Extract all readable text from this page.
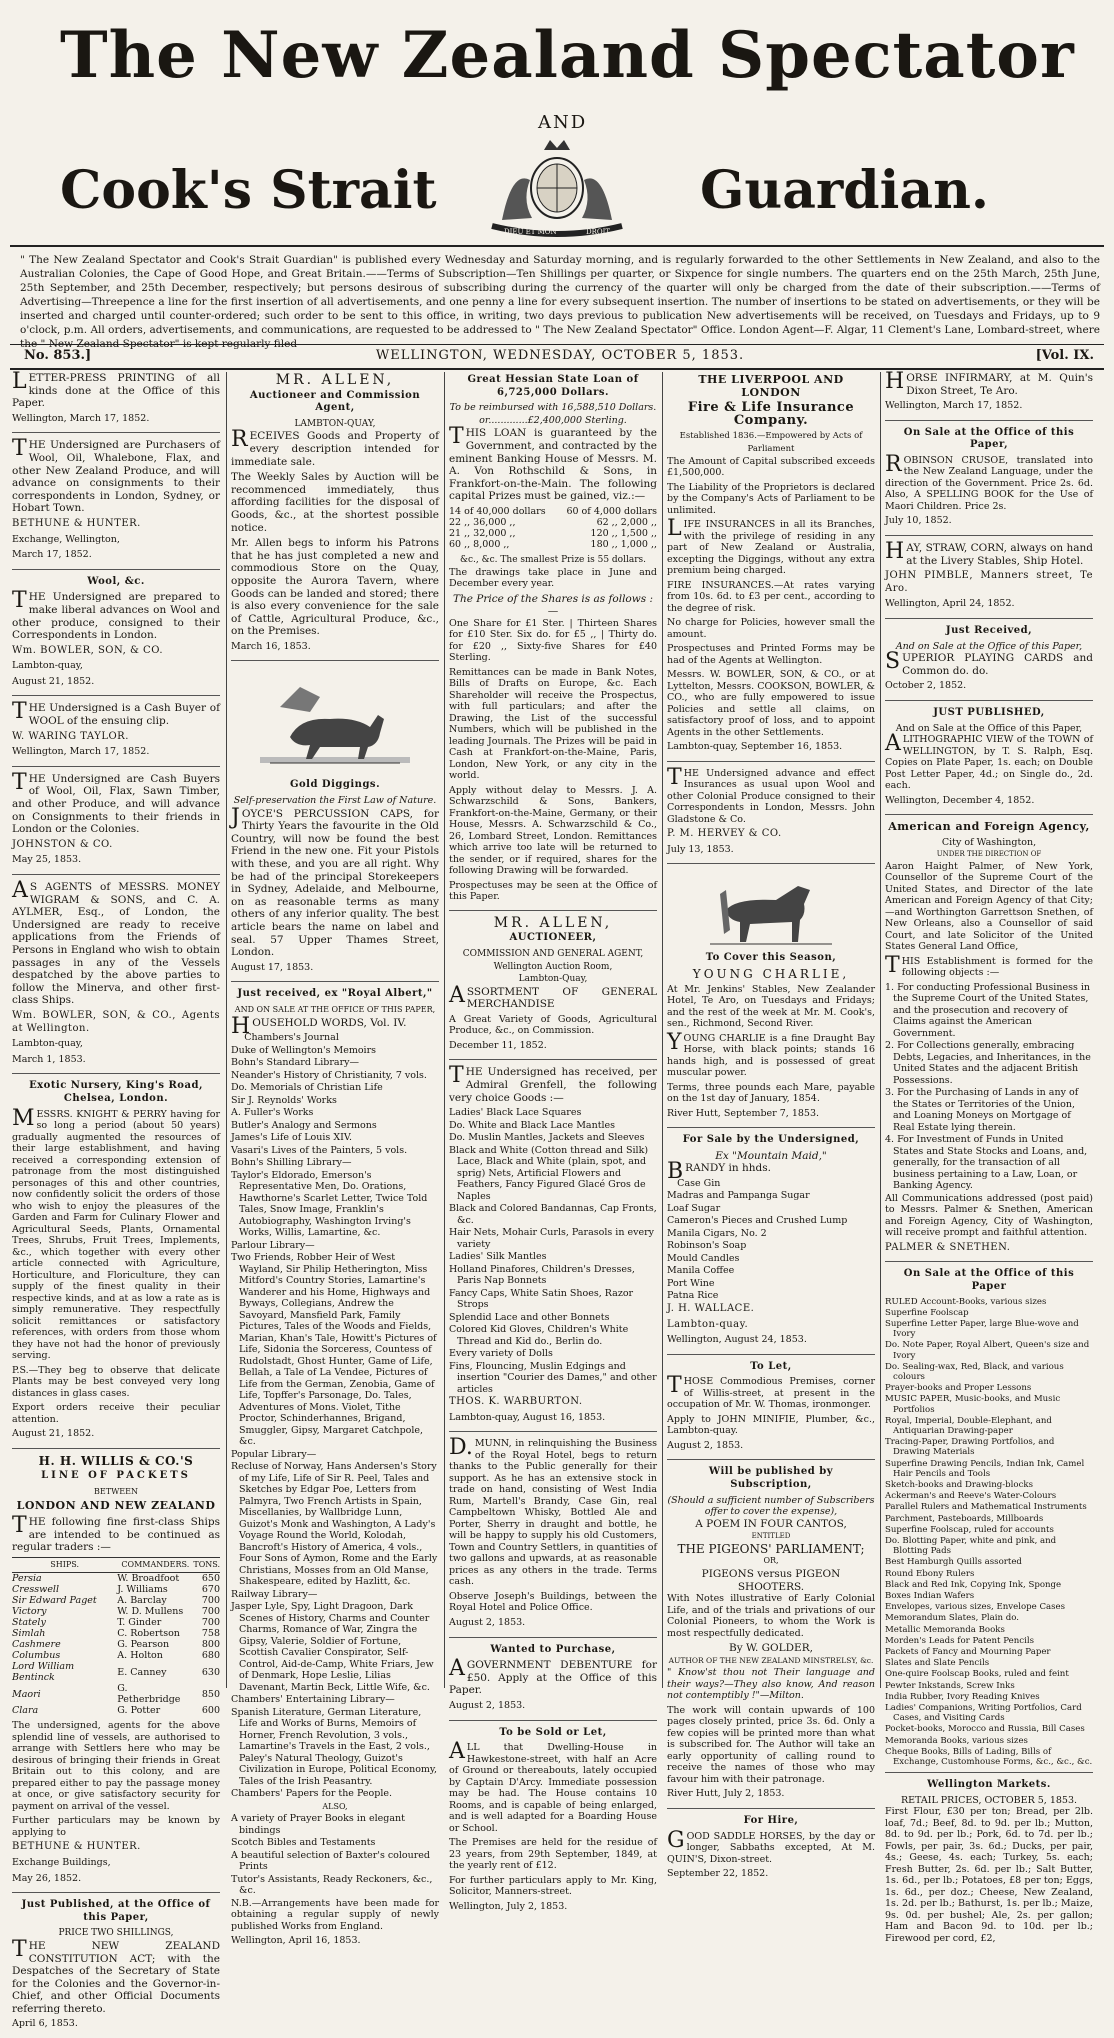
The New Zealand Spectator
AND
Cook's Strait	Guardian.
DIEU ET MON	DROIT
" The New Zealand Spectator and Cook's Strait Guardian" is published every Wednesday and Saturday morning, and is regularly forwarded to the other Settlements in New Zealand, and also to the Australian Colonies, the Cape of Good Hope, and Great Britain.——Terms of Subscription—Ten Shillings per quarter, or Sixpence for single numbers. The quarters end on the 25th March, 25th June, 25th September, and 25th December, respectively; but persons desirous of subscribing during the currency of the quarter will only be charged from the date of their subscription.——Terms of Advertising—Threepence a line for the first insertion of all advertisements, and one penny a line for every subsequent insertion. The number of insertions to be stated on advertisements, or they will be inserted and charged until counter-ordered; such order to be sent to this office, in writing, two days previous to publication New advertisements will be received, on Tuesdays and Fridays, up to 9 o'clock, p.m. All orders, advertisements, and communications, are requested to be addressed to " The New Zealand Spectator" Office. London Agent—F. Algar, 11 Clement's Lane, Lombard-street, where the " New Zealand Spectator" is kept regularly filed
No. 853.]	WELLINGTON, WEDNESDAY, OCTOBER 5, 1853.	[Vol. IX.

LETTER-PRESS PRINTING of all kinds done at the Office of this Paper.

Wellington, March 17, 1852.

THE Undersigned are Purchasers of Wool, Oil, Whalebone, Flax, and other New Zealand Produce, and will advance on consignments to their correspondents in London, Sydney, or Hobart Town.

BETHUNE & HUNTER.

Exchange, Wellington,

March 17, 1852.

Wool, &c.

THE Undersigned are prepared to make liberal advances on Wool and other produce, consigned to their Correspondents in London.

Wm. BOWLER, SON, & CO.

Lambton-quay,

August 21, 1852.

THE Undersigned is a Cash Buyer of WOOL of the ensuing clip.

W. WARING TAYLOR.

Wellington, March 17, 1852.

THE Undersigned are Cash Buyers of Wool, Oil, Flax, Sawn Timber, and other Produce, and will advance on Consignments to their friends in London or the Colonies.

JOHNSTON & CO.

May 25, 1853.

AS AGENTS of MESSRS. MONEY WIGRAM & SONS, and C. A. AYLMER, Esq., of London, the Undersigned are ready to receive applications from the Friends of Persons in England who wish to obtain passages in any of the Vessels despatched by the above parties to follow the Minerva, and other first-class Ships.

Wm. BOWLER, SON, & CO., Agents at Wellington.

Lambton-quay,

March 1, 1853.

Exotic Nursery, King's Road, Chelsea, London.

MESSRS. KNIGHT & PERRY having for so long a period (about 50 years) gradually augmented the resources of their large establishment, and having received a corresponding extension of patronage from the most distinguished personages of this and other countries, now confidently solicit the orders of those who wish to enjoy the pleasures of the Garden and Farm for Culinary Flower and Agricultural Seeds, Plants, Ornamental Trees, Shrubs, Fruit Trees, Implements, &c., which together with every other article connected with Agriculture, Horticulture, and Floriculture, they can supply of the finest quality in their respective kinds, and at as low a rate as is simply remunerative. They respectfully solicit remittances or satisfactory references, with orders from those whom they have not had the honor of previously serving.

P.S.—They beg to observe that delicate Plants may be best conveyed very long distances in glass cases.

Export orders receive their peculiar attention.

August 21, 1852.

H. H. WILLIS & CO.'S
LINE OF PACKETS
BETWEEN
LONDON AND NEW ZEALAND

THE following fine first-class Ships are intended to be continued as regular traders :—

SHIPS.	COMMANDERS.	TONS.
Persia	W. Broadfoot	650
Cresswell	J. Williams	670
Sir Edward Paget	A. Barclay	700
Victory	W. D. Mullens	700
Stately	T. Ginder	700
Simlah	C. Robertson	758
Cashmere	G. Pearson	800
Columbus	A. Holton	680
Lord William Bentinck	E. Canney	630
Maori	G. Petherbridge	850
Clara	G. Potter	600

The undersigned, agents for the above splendid line of vessels, are authorised to arrange with Settlers here who may be desirous of bringing their friends in Great Britain out to this colony, and are prepared either to pay the passage money at once, or give satisfactory security for payment on arrival of the vessel.

Further particulars may be known by applying to

BETHUNE & HUNTER.

Exchange Buildings,

May 26, 1852.

Just Published, at the Office of this Paper,
PRICE TWO SHILLINGS,

THE NEW ZEALAND CONSTITUTION ACT; with the Despatches of the Secretary of State for the Colonies and the Governor-in-Chief, and other Official Documents referring thereto.

April 6, 1853.

MR. ALLEN,
Auctioneer and Commission Agent,
LAMBTON-QUAY,

RECEIVES Goods and Property of every description intended for immediate sale.

The Weekly Sales by Auction will be recommenced immediately, thus affording facilities for the disposal of Goods, &c., at the shortest possible notice.

Mr. Allen begs to inform his Patrons that he has just completed a new and commodious Store on the Quay, opposite the Aurora Tavern, where Goods can be landed and stored; there is also every convenience for the sale of Cattle, Agricultural Produce, &c., on the Premises.

March 16, 1853.

Gold Diggings.
Self-preservation the First Law of Nature.

JOYCE'S PERCUSSION CAPS, for Thirty Years the favourite in the Old Country, will now be found the best Friend in the new one. Fit your Pistols with these, and you are all right. Why be had of the principal Storekeepers in Sydney, Adelaide, and Melbourne, on as reasonable terms as many others of any inferior quality. The best article bears the name on label and seal. 57 Upper Thames Street, London.

August 17, 1853.

Just received, ex "Royal Albert,"
AND ON SALE AT THE OFFICE OF THIS PAPER,

HOUSEHOLD WORDS, Vol. IV.

Chambers's Journal
Duke of Wellington's Memoirs
Bohn's Standard Library—
Neander's History of Christianity, 7 vols.
Do. Memorials of Christian Life
Sir J. Reynolds' Works
A. Fuller's Works
Butler's Analogy and Sermons
James's Life of Louis XIV.
Vasari's Lives of the Painters, 5 vols.
Bohn's Shilling Library—
Taylor's Eldorado, Emerson's Representative Men, Do. Orations, Hawthorne's Scarlet Letter, Twice Told Tales, Snow Image, Franklin's Autobiography, Washington Irving's Works, Willis, Lamartine, &c.
Parlour Library—
Two Friends, Robber Heir of West Wayland, Sir Philip Hetherington, Miss Mitford's Country Stories, Lamartine's Wanderer and his Home, Highways and Byways, Collegians, Andrew the Savoyard, Mansfield Park, Family Pictures, Tales of the Woods and Fields, Marian, Khan's Tale, Howitt's Pictures of Life, Sidonia the Sorceress, Countess of Rudolstadt, Ghost Hunter, Game of Life, Bellah, a Tale of La Vendee, Pictures of Life from the German, Zenobia, Game of Life, Topffer's Parsonage, Do. Tales, Adventures of Mons. Violet, Tithe Proctor, Schinderhannes, Brigand, Smuggler, Gipsy, Margaret Catchpole, &c.
Popular Library—
Recluse of Norway, Hans Andersen's Story of my Life, Life of Sir R. Peel, Tales and Sketches by Edgar Poe, Letters from Palmyra, Two French Artists in Spain, Miscellanies, by Wallbridge Lunn, Guizot's Monk and Washington, A Lady's Voyage Round the World, Kolodah, Bancroft's History of America, 4 vols., Four Sons of Aymon, Rome and the Early Christians, Mosses from an Old Manse, Shakespeare, edited by Hazlitt, &c.
Railway Library—
Jasper Lyle, Spy, Light Dragoon, Dark Scenes of History, Charms and Counter Charms, Romance of War, Zingra the Gipsy, Valerie, Soldier of Fortune, Scottish Cavalier Conspirator, Self-Control, Aid-de-Camp, White Friars, Jew of Denmark, Hope Leslie, Lilias Davenant, Martin Beck, Little Wife, &c.
Chambers' Entertaining Library—
Spanish Literature, German Literature, Life and Works of Burns, Memoirs of Horner, French Revolution, 3 vols., Lamartine's Travels in the East, 2 vols., Paley's Natural Theology, Guizot's Civilization in Europe, Political Economy, Tales of the Irish Peasantry.
Chambers' Papers for the People.
ALSO,
A variety of Prayer Books in elegant bindings
Scotch Bibles and Testaments
A beautiful selection of Baxter's coloured Prints
Tutor's Assistants, Ready Reckoners, &c., &c.

N.B.—Arrangements have been made for obtaining a regular supply of newly published Works from England.

Wellington, April 16, 1853.

Great Hessian State Loan of 6,725,000 Dollars.
To be reimbursed with 16,588,510 Dollars.
or.............£2,400,000 Sterling.

THIS LOAN is guaranteed by the Government, and contracted by the eminent Banking House of Messrs. M. A. Von Rothschild & Sons, in Frankfort-on-the-Main. The following capital Prizes must be gained, viz.:—

14 of 40,000 dollars	60 of 4,000 dollars
22 ,, 36,000 ,,	62 ,, 2,000 ,,
21 ,, 32,000 ,,	120 ,, 1,500 ,,
60 ,, 8,000 ,,	180 ,, 1,000 ,,
&c., &c. The smallest Prize is 55 dollars.

The drawings take place in June and December every year.

The Price of the Shares is as follows :—

One Share for £1 Ster. | Thirteen Shares for £10 Ster. Six do. for £5 ,, | Thirty do. for £20 ,, Sixty-five Shares for £40 Sterling.

Remittances can be made in Bank Notes, Bills of Drafts on Europe, &c. Each Shareholder will receive the Prospectus, with full particulars; and after the Drawing, the List of the successful Numbers, which will be published in the leading Journals. The Prizes will be paid in Cash at Frankfort-on-the-Maine, Paris, London, New York, or any city in the world.

Apply without delay to Messrs. J. A. Schwarzschild & Sons, Bankers, Frankfort-on-the-Maine, Germany, or their House, Messrs. A. Schwarzschild & Co., 26, Lombard Street, London. Remittances which arrive too late will be returned to the sender, or if required, shares for the following Drawing will be forwarded.

Prospectuses may be seen at the Office of this Paper.

MR. ALLEN,
AUCTIONEER,
COMMISSION AND GENERAL AGENT,
Wellington Auction Room,
Lambton-Quay,

ASSORTMENT OF GENERAL MERCHANDISE

A Great Variety of Goods, Agricultural Produce, &c., on Commission.

December 11, 1852.

THE Undersigned has received, per Admiral Grenfell, the following very choice Goods :—

Ladies' Black Lace Squares
Do. White and Black Lace Mantles
Do. Muslin Mantles, Jackets and Sleeves
Black and White (Cotton thread and Silk) Lace, Black and White (plain, spot, and sprig) Nets, Artificial Flowers and Feathers, Fancy Figured Glacé Gros de Naples
Black and Colored Bandannas, Cap Fronts, &c.
Hair Nets, Mohair Curls, Parasols in every variety
Ladies' Silk Mantles
Holland Pinafores, Children's Dresses, Paris Nap Bonnets
Fancy Caps, White Satin Shoes, Razor Strops
Splendid Lace and other Bonnets
Colored Kid Gloves, Children's White Thread and Kid do., Berlin do.
Every variety of Dolls
Fins, Flouncing, Muslin Edgings and insertion "Courier des Dames," and other articles

THOS. K. WARBURTON.

Lambton-quay, August 16, 1853.

D.MUNN, in relinquishing the Business of the Royal Hotel, begs to return thanks to the Public generally for their support. As he has an extensive stock in trade on hand, consisting of West India Rum, Martell's Brandy, Case Gin, real Campbeltown Whisky, Bottled Ale and Porter, Sherry in draught and bottle, he will be happy to supply his old Customers, Town and Country Settlers, in quantities of two gallons and upwards, at as reasonable prices as any others in the trade. Terms cash.

Observe Joseph's Buildings, between the Royal Hotel and Police Office.

August 2, 1853.

Wanted to Purchase,

AGOVERNMENT DEBENTURE for £50. Apply at the Office of this Paper.

August 2, 1853.

To be Sold or Let,

ALL that Dwelling-House in Hawkestone-street, with half an Acre of Ground or thereabouts, lately occupied by Captain D'Arcy. Immediate possession may be had. The House contains 10 Rooms, and is capable of being enlarged, and is well adapted for a Boarding House or School.

The Premises are held for the residue of 23 years, from 29th September, 1849, at the yearly rent of £12.

For further particulars apply to Mr. King, Solicitor, Manners-street.

Wellington, July 2, 1853.

THE LIVERPOOL AND LONDON
Fire & Life Insurance Company.
Established 1836.—Empowered by Acts of Parliament

The Amount of Capital subscribed exceeds £1,500,000.

The Liability of the Proprietors is declared by the Company's Acts of Parliament to be unlimited.

LIFE INSURANCES in all its Branches, with the privilege of residing in any part of New Zealand or Australia, excepting the Diggings, without any extra premium being charged.

FIRE INSURANCES.—At rates varying from 10s. 6d. to £3 per cent., according to the degree of risk.

No charge for Policies, however small the amount.

Prospectuses and Printed Forms may be had of the Agents at Wellington.

Messrs. W. BOWLER, SON, & CO., or at Lyttelton, Messrs. COOKSON, BOWLER, & CO., who are fully empowered to issue Policies and settle all claims, on satisfactory proof of loss, and to appoint Agents in the other Settlements.

Lambton-quay, September 16, 1853.

THE Undersigned advance and effect Insurances as usual upon Wool and other Colonial Produce consigned to their Correspondents in London, Messrs. John Gladstone & Co.

P. M. HERVEY & CO.

July 13, 1853.

To Cover this Season,
YOUNG CHARLIE,

At Mr. Jenkins' Stables, New Zealander Hotel, Te Aro, on Tuesdays and Fridays; and the rest of the week at Mr. M. Cook's, sen., Richmond, Second River.

YOUNG CHARLIE is a fine Draught Bay Horse, with black points; stands 16 hands high, and is possessed of great muscular power.

Terms, three pounds each Mare, payable on the 1st day of January, 1854.

River Hutt, September 7, 1853.

For Sale by the Undersigned,
Ex "Mountain Maid,"

BRANDY in hhds.

Case Gin
Madras and Pampanga Sugar
Loaf Sugar
Cameron's Pieces and Crushed Lump
Manila Cigars, No. 2
Robinson's Soap
Mould Candles
Manila Coffee
Port Wine
Patna Rice

J. H. WALLACE.

Lambton-quay.

Wellington, August 24, 1853.

To Let,

THOSE Commodious Premises, corner of Willis-street, at present in the occupation of Mr. W. Thomas, ironmonger.

Apply to JOHN MINIFIE, Plumber, &c., Lambton-quay.

August 2, 1853.

Will be published by Subscription,
(Should a sufficient number of Subscribers offer to cover the expense),
A POEM IN FOUR CANTOS,
ENTITLED
THE PIGEONS' PARLIAMENT;
OR,
PIGEONS versus PIGEON SHOOTERS.

With Notes illustrative of Early Colonial Life, and of the trials and privations of our Colonial Pioneers, to whom the Work is most respectfully dedicated.

By W. GOLDER,
AUTHOR OF THE NEW ZEALAND MINSTRELSY, &c.

" Know'st thou not Their language and their ways?—They also know, And reason not contemptibly !"—Milton.

The work will contain upwards of 100 pages closely printed, price 3s. 6d. Only a few copies will be printed more than what is subscribed for. The Author will take an early opportunity of calling round to receive the names of those who may favour him with their patronage.

River Hutt, July 2, 1853.

For Hire,

GOOD SADDLE HORSES, by the day or longer, Sabbaths excepted, At M. QUIN'S, Dixon-street.

September 22, 1852.

HORSE INFIRMARY, at M. Quin's Dixon Street, Te Aro.

Wellington, March 17, 1852.

On Sale at the Office of this Paper,

ROBINSON CRUSOE, translated into the New Zealand Language, under the direction of the Government. Price 2s. 6d. Also, A SPELLING BOOK for the Use of Maori Children. Price 2s.

July 10, 1852.

HAY, STRAW, CORN, always on hand at the Livery Stables, Ship Hotel.

JOHN PIMBLE, Manners street, Te Aro.

Wellington, April 24, 1852.

Just Received,
And on Sale at the Office of this Paper,

SUPERIOR PLAYING CARDS and Common do. do.

October 2, 1852.

JUST PUBLISHED,
And on Sale at the Office of this Paper,

ALITHOGRAPHIC VIEW of the TOWN of WELLINGTON, by T. S. Ralph, Esq. Copies on Plate Paper, 1s. each; on Double Post Letter Paper, 4d.; on Single do., 2d. each.

Wellington, December 4, 1852.

American and Foreign Agency,
City of Washington,
UNDER THE DIRECTION OF

Aaron Haight Palmer, of New York, Counsellor of the Supreme Court of the United States, and Director of the late American and Foreign Agency of that City;—and Worthington Garrettson Snethen, of New Orleans, also a Counsellor of said Court, and late Solicitor of the United States General Land Office,

THIS Establishment is formed for the following objects :—

1. For conducting Professional Business in the Supreme Court of the United States, and the prosecution and recovery of Claims against the American Government.
2. For Collections generally, embracing Debts, Legacies, and Inheritances, in the United States and the adjacent British Possessions.
3. For the Purchasing of Lands in any of the States or Territories of the Union, and Loaning Moneys on Mortgage of Real Estate lying therein.
4. For Investment of Funds in United States and State Stocks and Loans, and, generally, for the transaction of all business pertaining to a Law, Loan, or Banking Agency.

All Communications addressed (post paid) to Messrs. Palmer & Snethen, American and Foreign Agency, City of Washington, will receive prompt and faithful attention.

PALMER & SNETHEN.

On Sale at the Office of this Paper
RULED Account-Books, various sizes
Superfine Foolscap
Superfine Letter Paper, large Blue-wove and Ivory
Do. Note Paper, Royal Albert, Queen's size and Ivory
Do. Sealing-wax, Red, Black, and various colours
Prayer-books and Proper Lessons
MUSIC PAPER, Music-books, and Music Portfolios
Royal, Imperial, Double-Elephant, and Antiquarian Drawing-paper
Tracing-Paper, Drawing Portfolios, and Drawing Materials
Superfine Drawing Pencils, Indian Ink, Camel Hair Pencils and Tools
Sketch-books and Drawing-blocks
Ackerman's and Reeve's Water-Colours
Parallel Rulers and Mathematical Instruments
Parchment, Pasteboards, Millboards
Superfine Foolscap, ruled for accounts
Do. Blotting Paper, white and pink, and Blotting Pads
Best Hamburgh Quills assorted
Round Ebony Rulers
Black and Red Ink, Copying Ink, Sponge
Boxes Indian Wafers
Envelopes, various sizes, Envelope Cases
Memorandum Slates, Plain do.
Metallic Memoranda Books
Morden's Leads for Patent Pencils
Packets of Fancy and Mourning Paper
Slates and Slate Pencils
One-quire Foolscap Books, ruled and feint
Pewter Inkstands, Screw Inks
India Rubber, Ivory Reading Knives
Ladies' Companions, Writing Portfolios, Card Cases, and Visiting Cards
Pocket-books, Morocco and Russia, Bill Cases
Memoranda Books, various sizes
Cheque Books, Bills of Lading, Bills of Exchange, Customhouse Forms, &c., &c., &c.
Wellington Markets.
RETAIL PRICES, OCTOBER 5, 1853.

First Flour, £30 per ton; Bread, per 2lb. loaf, 7d.; Beef, 8d. to 9d. per lb.; Mutton, 8d. to 9d. per lb.; Pork, 6d. to 7d. per lb.; Fowls, per pair, 3s. 6d.; Ducks, per pair, 4s.; Geese, 4s. each; Turkey, 5s. each; Fresh Butter, 2s. 6d. per lb.; Salt Butter, 1s. 6d., per lb.; Potatoes, £8 per ton; Eggs, 1s. 6d., per doz.; Cheese, New Zealand, 1s. 2d. per lb.; Bathurst, 1s. per lb.; Maize, 9s. 0d. per bushel; Ale, 2s. per gallon; Ham and Bacon 9d. to 10d. per lb.; Firewood per cord, £2,
